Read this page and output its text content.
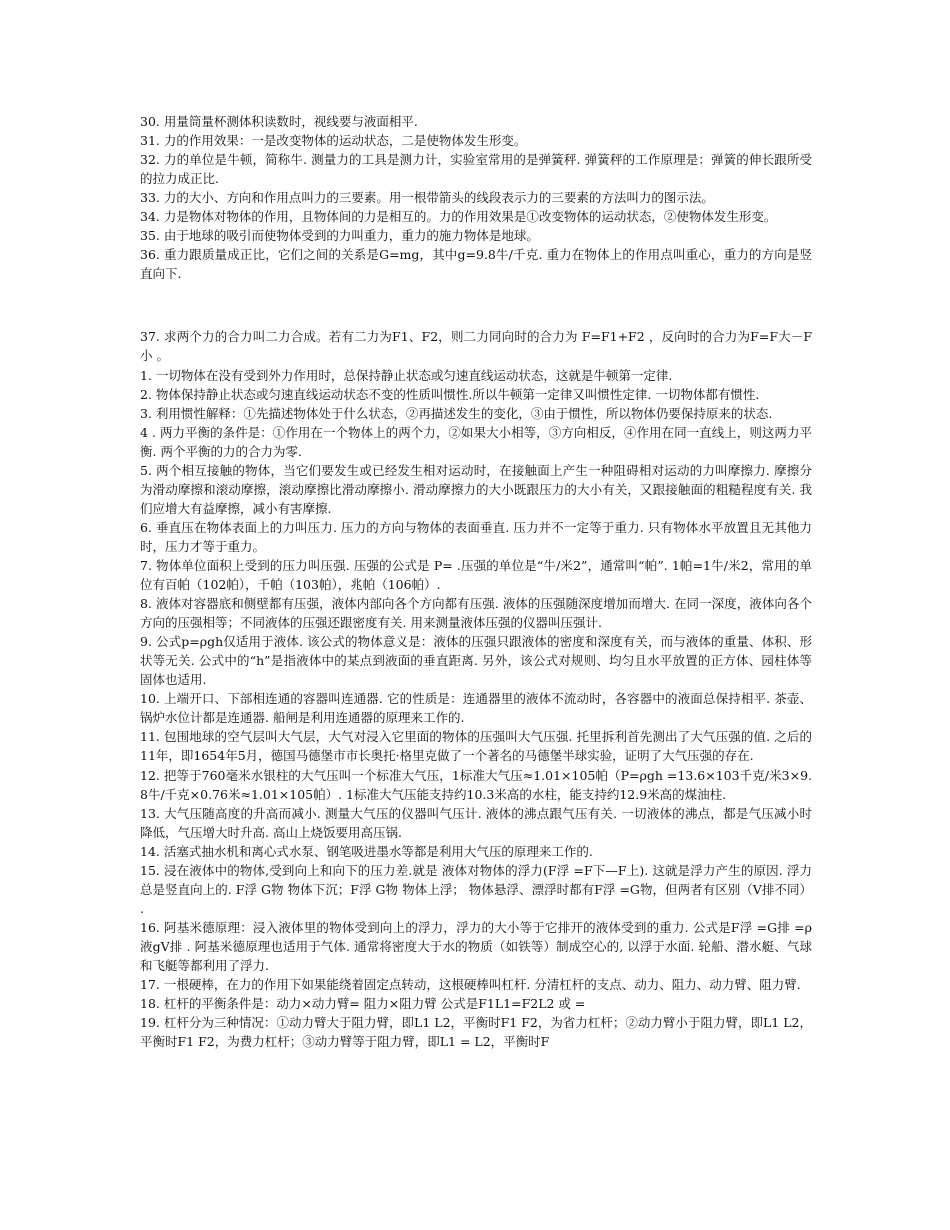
30. 用量筒量杯测体积读数时，视线要与液面相平.

31. 力的作用效果：一是改变物体的运动状态，二是使物体发生形变。

32. 力的单位是牛顿，简称牛. 测量力的工具是测力计，实验室常用的是弹簧秤. 弹簧秤的工作原理是：弹簧的伸长跟所受的拉力成正比.

33. 力的大小、方向和作用点叫力的三要素。用一根带箭头的线段表示力的三要素的方法叫力的图示法。

34. 力是物体对物体的作用，且物体间的力是相互的。力的作用效果是①改变物体的运动状态，②使物体发生形变。

35. 由于地球的吸引而使物体受到的力叫重力，重力的施力物体是地球。

36. 重力跟质量成正比，它们之间的关系是G=mg，其中g=9.8牛/千克. 重力在物体上的作用点叫重心，重力的方向是竖直向下.

37. 求两个力的合力叫二力合成。若有二力为F1、F2，则二力同向时的合力为 F=F1+F2 ，反向时的合力为F=F大－F小 。

1. 一切物体在没有受到外力作用时，总保持静止状态或匀速直线运动状态，这就是牛顿第一定律.

2. 物体保持静止状态或匀速直线运动状态不变的性质叫惯性.所以牛顿第一定律又叫惯性定律. 一切物体都有惯性.

3. 利用惯性解释：①先描述物体处于什么状态，②再描述发生的变化，③由于惯性，所以物体仍要保持原来的状态.

4 . 两力平衡的条件是：①作用在一个物体上的两个力，②如果大小相等，③方向相反，④作用在同一直线上，则这两力平衡. 两个平衡的力的合力为零.

5. 两个相互接触的物体，当它们要发生或已经发生相对运动时，在接触面上产生一种阻碍相对运动的力叫摩擦力. 摩擦分为滑动摩擦和滚动摩擦，滚动摩擦比滑动摩擦小. 滑动摩擦力的大小既跟压力的大小有关，又跟接触面的粗糙程度有关. 我们应增大有益摩擦，减小有害摩擦.

6. 垂直压在物体表面上的力叫压力. 压力的方向与物体的表面垂直. 压力并不一定等于重力. 只有物体水平放置且无其他力时，压力才等于重力。

7. 物体单位面积上受到的压力叫压强. 压强的公式是 P= .压强的单位是“牛/米2”，通常叫“帕”. 1帕=1牛/米2，常用的单位有百帕（102帕），千帕（103帕），兆帕（106帕）.

8. 液体对容器底和侧壁都有压强，液体内部向各个方向都有压强. 液体的压强随深度增加而增大. 在同一深度，液体向各个方向的压强相等；不同液体的压强还跟密度有关. 用来测量液体压强的仪器叫压强计.

9. 公式p=ρgh仅适用于液体. 该公式的物体意义是：液体的压强只跟液体的密度和深度有关，而与液体的重量、体积、形状等无关. 公式中的“h”是指液体中的某点到液面的垂直距离. 另外，该公式对规则、均匀且水平放置的正方体、园柱体等固体也适用.

10. 上端开口、下部相连通的容器叫连通器. 它的性质是：连通器里的液体不流动时，各容器中的液面总保持相平. 茶壶、锅炉水位计都是连通器. 船闸是利用连通器的原理来工作的.

11. 包围地球的空气层叫大气层，大气对浸入它里面的物体的压强叫大气压强. 托里拆利首先测出了大气压强的值. 之后的11年，即1654年5月，德国马德堡市市长奥托·格里克做了一个著名的马德堡半球实验，证明了大气压强的存在.

12. 把等于760毫米水银柱的大气压叫一个标准大气压，1标准大气压≈1.01×105帕（P=ρgh =13.6×103千克/米3×9.8牛/千克×0.76米≈1.01×105帕）. 1标准大气压能支持约10.3米高的水柱，能支持约12.9米高的煤油柱.

13. 大气压随高度的升高而减小. 测量大气压的仪器叫气压计. 液体的沸点跟气压有关. 一切液体的沸点，都是气压减小时降低，气压增大时升高. 高山上烧饭要用高压锅.

14. 活塞式抽水机和离心式水泵、钢笔吸进墨水等都是利用大气压的原理来工作的.

15. 浸在液体中的物体,受到向上和向下的压力差.就是 液体对物体的浮力(F浮 =F下—F上). 这就是浮力产生的原因. 浮力总是竖直向上的. F浮 G物 物体下沉；F浮 G物 物体上浮； 物体悬浮、漂浮时都有F浮 =G物，但两者有区别（V排不同） .

16. 阿基米德原理：浸入液体里的物体受到向上的浮力，浮力的大小等于它排开的液体受到的重力. 公式是F浮 =G排 =ρ液gV排 . 阿基米德原理也适用于气体. 通常将密度大于水的物质（如铁等）制成空心的, 以浮于水面. 轮船、潜水艇、气球和飞艇等都利用了浮力.

17. 一根硬棒，在力的作用下如果能绕着固定点转动，这根硬棒叫杠杆. 分清杠杆的支点、动力、阻力、动力臂、阻力臂.

18. 杠杆的平衡条件是：动力×动力臂= 阻力×阻力臂 公式是F1L1=F2L2 或 =

19. 杠杆分为三种情况：①动力臂大于阻力臂，即L1 L2，平衡时F1 F2，为省力杠杆；②动力臂小于阻力臂，即L1 L2，平衡时F1 F2，为费力杠杆；③动力臂等于阻力臂，即L1 = L2，平衡时F
